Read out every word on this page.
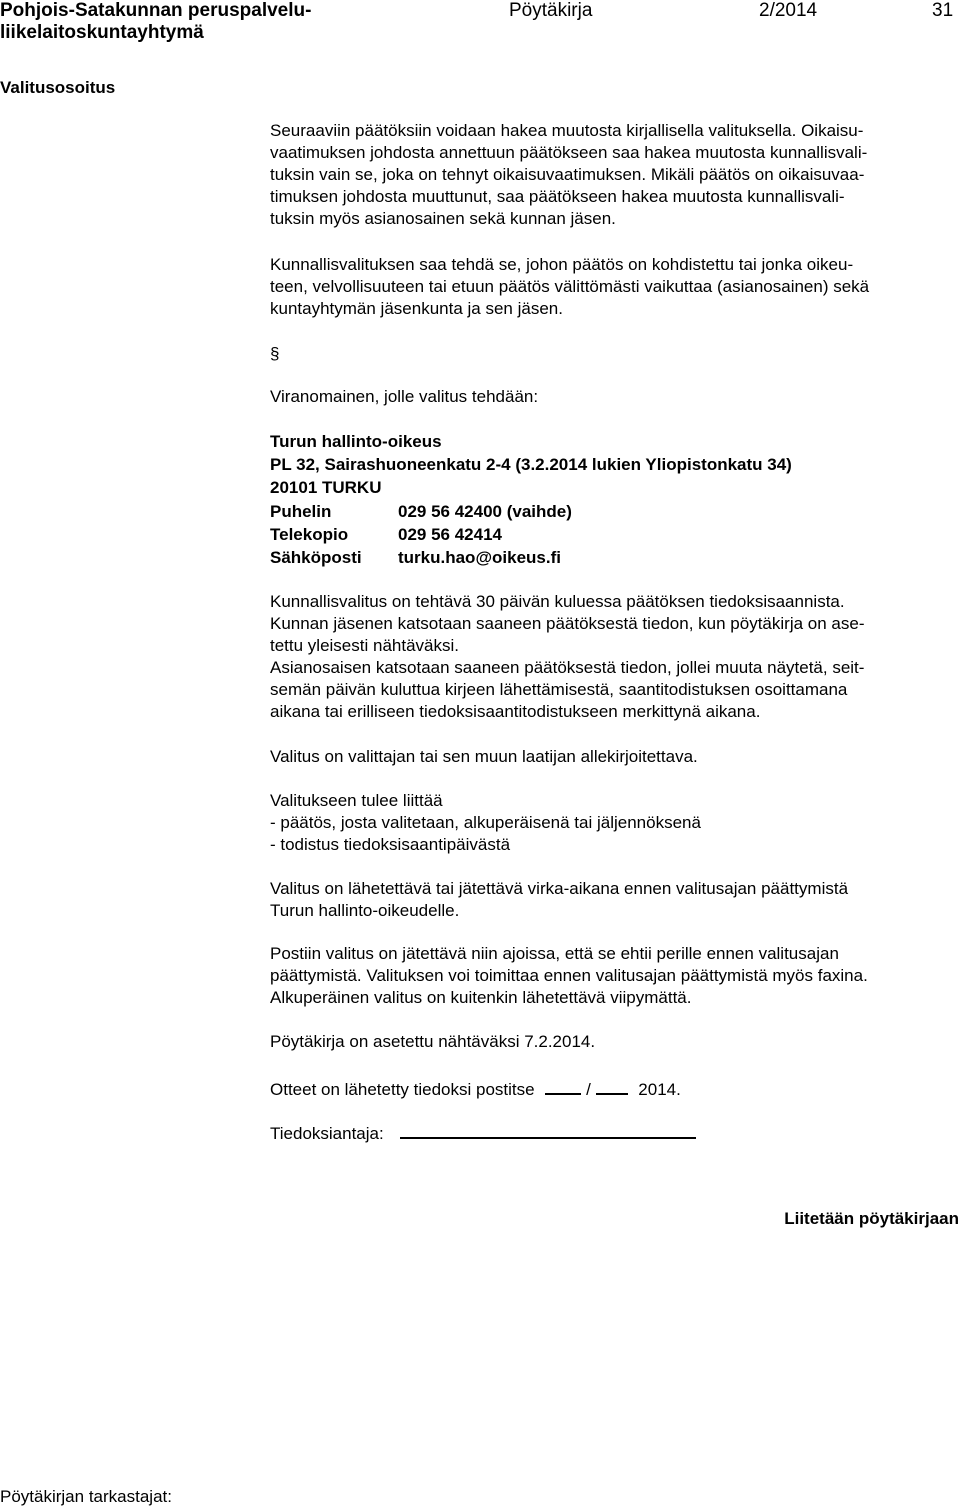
Pohjois-Satakunnan peruspalvelu-
liikelaitoskuntayhtymä
Pöytäkirja	2/2014	31
Valitusosoitus
Seuraaviin päätöksiin voidaan hakea muutosta kirjallisella valituksella. Oikaisu-
vaatimuksen johdosta annettuun päätökseen saa hakea muutosta kunnallisvali-
tuksin vain se, joka on tehnyt oikaisuvaatimuksen. Mikäli päätös on oikaisuvaa-
timuksen johdosta muuttunut, saa päätökseen hakea muutosta kunnallisvali-
tuksin myös asianosainen sekä kunnan jäsen.
Kunnallisvalituksen saa tehdä se, johon päätös on kohdistettu tai jonka oikeu-
teen, velvollisuuteen tai etuun päätös välittömästi vaikuttaa (asianosainen) sekä
kuntayhtymän jäsenkunta ja sen jäsen.
§
Viranomainen, jolle valitus tehdään:
Turun hallinto-oikeus
PL 32, Sairashuoneenkatu 2-4 (3.2.2014 lukien Yliopistonkatu 34)
20101 TURKU
Puhelin	029 56 42400 (vaihde)
Telekopio	029 56 42414
Sähköposti	turku.hao@oikeus.fi
Kunnallisvalitus on tehtävä 30 päivän kuluessa päätöksen tiedoksisaannista.
Kunnan jäsenen katsotaan saaneen päätöksestä tiedon, kun pöytäkirja on ase-
tettu yleisesti nähtäväksi.
Asianosaisen katsotaan saaneen päätöksestä tiedon, jollei muuta näytetä, seit-
semän päivän kuluttua kirjeen lähettämisestä, saantitodistuksen osoittamana
aikana tai erilliseen tiedoksisaantitodistukseen merkittynä aikana.
Valitus on valittajan tai sen muun laatijan allekirjoitettava.
Valitukseen tulee liittää
- päätös, josta valitetaan, alkuperäisenä tai jäljennöksenä
- todistus tiedoksisaantipäivästä
Valitus on lähetettävä tai jätettävä virka-aikana ennen valitusajan päättymistä
Turun hallinto-oikeudelle.
Postiin valitus on jätettävä niin ajoissa, että se ehtii perille ennen valitusajan
päättymistä. Valituksen voi toimittaa ennen valitusajan päättymistä myös faxina.
Alkuperäinen valitus on kuitenkin lähetettävä viipymättä.
Pöytäkirja on asetettu nähtäväksi 7.2.2014.
Otteet on lähetetty tiedoksi postitse	/	2014.
Tiedoksiantaja:
Liitetään pöytäkirjaan
Pöytäkirjan tarkastajat:
